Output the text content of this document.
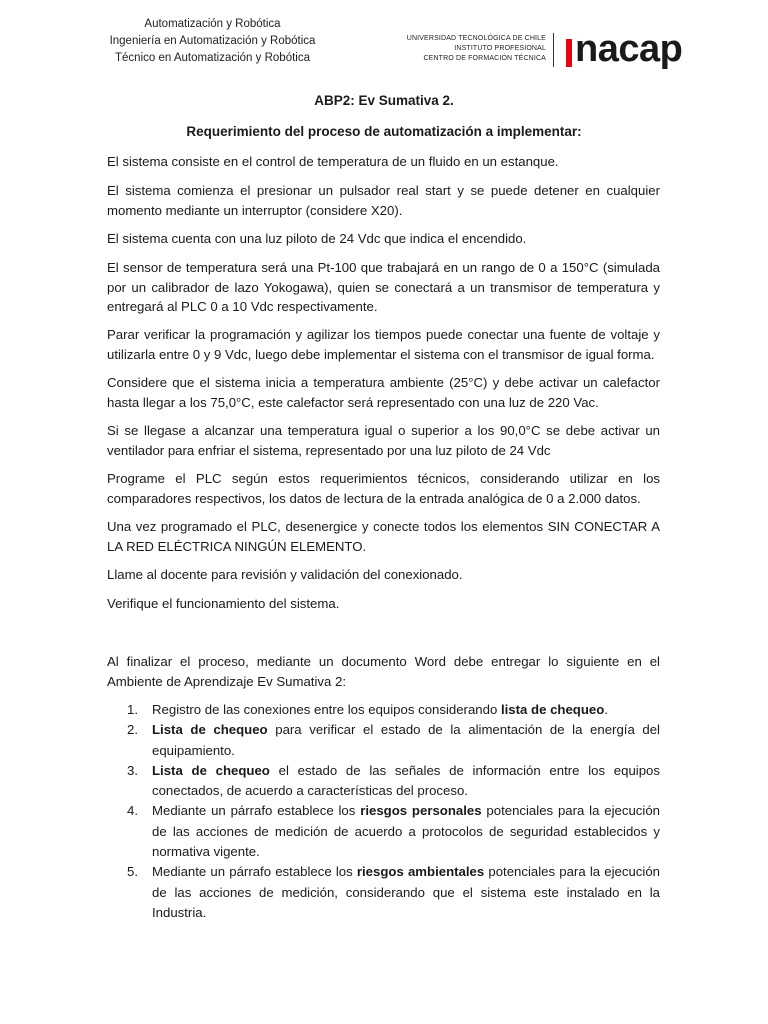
Automatización y Robótica
Ingeniería en Automatización y Robótica
Técnico en Automatización y Robótica
UNIVERSIDAD TECNOLÓGICA DE CHILE
INSTITUTO PROFESIONAL
CENTRO DE FORMACIÓN TÉCNICA nacap
ABP2: Ev Sumativa 2.
Requerimiento del proceso de automatización a implementar:

El sistema consiste en el control de temperatura de un fluido en un estanque.

El sistema comienza el presionar un pulsador real start y se puede detener en cualquier momento mediante un interruptor (considere X20).

El sistema cuenta con una luz piloto de 24 Vdc que indica el encendido.

El sensor de temperatura será una Pt-100 que trabajará en un rango de 0 a 150°C (simulada por un calibrador de lazo Yokogawa), quien se conectará a un transmisor de temperatura y entregará al PLC 0 a 10 Vdc respectivamente.

Parar verificar la programación y agilizar los tiempos puede conectar una fuente de voltaje y utilizarla entre 0 y 9 Vdc, luego debe implementar el sistema con el transmisor de igual forma.

Considere que el sistema inicia a temperatura ambiente (25°C) y debe activar un calefactor hasta llegar a los 75,0°C, este calefactor será representado con una luz de 220 Vac.

Si se llegase a alcanzar una temperatura igual o superior a los 90,0°C se debe activar un ventilador para enfriar el sistema, representado por una luz piloto de 24 Vdc

Programe el PLC según estos requerimientos técnicos, considerando utilizar en los comparadores respectivos, los datos de lectura de la entrada analógica de 0 a 2.000 datos.

Una vez programado el PLC, desenergice y conecte todos los elementos SIN CONECTAR A LA RED ELÉCTRICA NINGÚN ELEMENTO.

Llame al docente para revisión y validación del conexionado.

Verifique el funcionamiento del sistema.

Al finalizar el proceso, mediante un documento Word debe entregar lo siguiente en el Ambiente de Aprendizaje Ev Sumativa 2:

1. Registro de las conexiones entre los equipos considerando lista de chequeo.
2. Lista de chequeo para verificar el estado de la alimentación de la energía del equipamiento.
3. Lista de chequeo el estado de las señales de información entre los equipos conectados, de acuerdo a características del proceso.
4. Mediante un párrafo establece los riesgos personales potenciales para la ejecución de las acciones de medición de acuerdo a protocolos de seguridad establecidos y normativa vigente.
5. Mediante un párrafo establece los riesgos ambientales potenciales para la ejecución de las acciones de medición, considerando que el sistema este instalado en la Industria.
